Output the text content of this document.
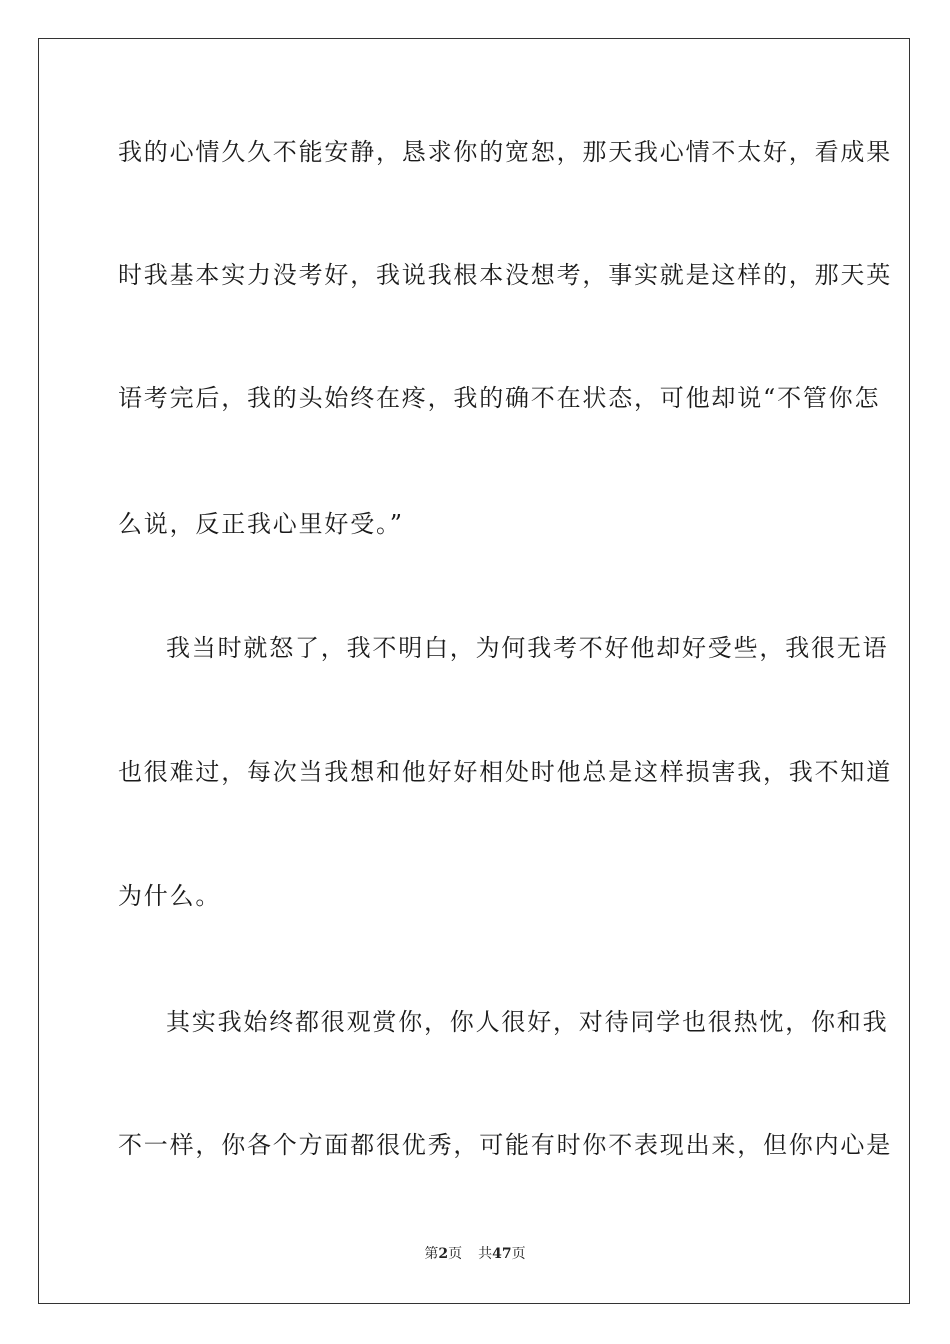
我的心情久久不能安静，恳求你的宽恕，那天我心情不太好，看成果
时我基本实力没考好，我说我根本没想考，事实就是这样的，那天英
语考完后，我的头始终在疼，我的确不在状态，可他却说“不管你怎
么说，反正我心里好受。”
我当时就怒了，我不明白，为何我考不好他却好受些，我很无语
也很难过，每次当我想和他好好相处时他总是这样损害我，我不知道
为什么。
其实我始终都很观赏你，你人很好，对待同学也很热忱，你和我
不一样，你各个方面都很优秀，可能有时你不表现出来，但你内心是
第2页 共47页
